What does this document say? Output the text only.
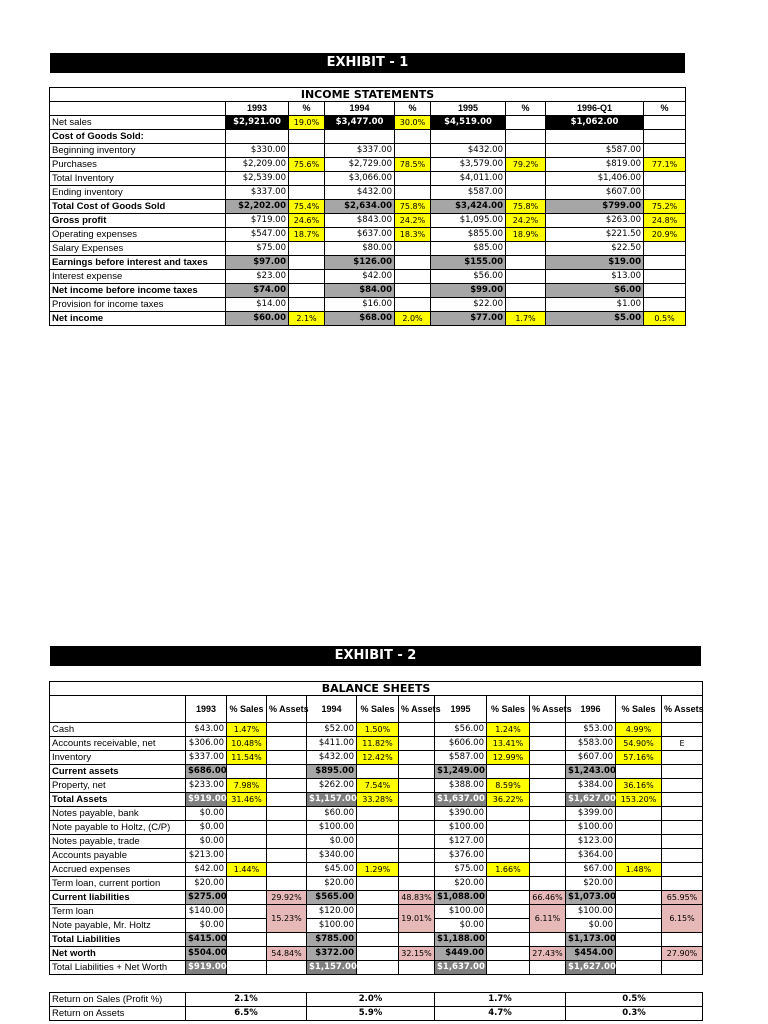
EXHIBIT - 1
INCOME STATEMENTS								
	1993	%	1994	%	1995	%	1996-Q1	%
Net sales	$2,921.00	19.0%	$3,477.00	30.0%	$4,519.00		$1,062.00	
Cost of Goods Sold:								
Beginning inventory	$330.00		$337.00		$432.00		$587.00	
Purchases	$2,209.00	75.6%	$2,729.00	78.5%	$3,579.00	79.2%	$819.00	77.1%
Total Inventory	$2,539.00		$3,066.00		$4,011.00		$1,406.00	
Ending inventory	$337.00		$432.00		$587.00		$607.00	
Total Cost of Goods Sold	$2,202.00	75.4%	$2,634.00	75.8%	$3,424.00	75.8%	$799.00	75.2%
Gross profit	$719.00	24.6%	$843.00	24.2%	$1,095.00	24.2%	$263.00	24.8%
Operating expenses	$547.00	18.7%	$637.00	18.3%	$855.00	18.9%	$221.50	20.9%
Salary Expenses	$75.00		$80.00		$85.00		$22.50	
Earnings before interest and taxes	$97.00		$126.00		$155.00		$19.00	
Interest expense	$23.00		$42.00		$56.00		$13.00	
Net income before income taxes	$74.00		$84.00		$99.00		$6.00	
Provision for income taxes	$14.00		$16.00		$22.00		$1.00	
Net income	$60.00	2.1%	$68.00	2.0%	$77.00	1.7%	$5.00	0.5%
EXHIBIT - 2
BALANCE SHEETS												
	1993	% Sales	% Assets	1994	% Sales	% Assets	1995	% Sales	% Assets	1996	% Sales	% Assets
Cash	$43.00	1.47%		$52.00	1.50%		$56.00	1.24%		$53.00	4.99%	
Accounts receivable, net	$306.00	10.48%		$411.00	11.82%		$606.00	13.41%		$583.00	54.90%	E
Inventory	$337.00	11.54%		$432.00	12.42%		$587.00	12.99%		$607.00	57.16%	
Current assets	$686.00			$895.00			$1,249.00			$1,243.00		
Property, net	$233.00	7.98%		$262.00	7.54%		$388.00	8.59%		$384.00	36.16%	
Total Assets	$919.00	31.46%		$1,157.00	33.28%		$1,637.00	36.22%		$1,627.00	153.20%	
Notes payable, bank	$0.00			$60.00			$390.00			$399.00		
Note payable to Holtz, (C/P)	$0.00			$100.00			$100.00			$100.00		
Notes payable, trade	$0.00			$0.00			$127.00			$123.00		
Accounts payable	$213.00			$340.00			$376.00			$364.00		
Accrued expenses	$42.00	1.44%		$45.00	1.29%		$75.00	1.66%		$67.00	1.48%	
Term loan, current portion	$20.00			$20.00			$20.00			$20.00		
Current liabilities	$275.00		29.92%	$565.00		48.83%	$1,088.00		66.46%	$1,073.00		65.95%
Term loan	$140.00		15.23%	$120.00		19.01%	$100.00		6.11%	$100.00		6.15%
Note payable, Mr. Holtz	$0.00			$100.00			$0.00			$0.00		
Total Liabilities	$415.00			$785.00			$1,188.00			$1,173.00		
Net worth	$504.00		54.84%	$372.00		32.15%	$449.00		27.43%	$454.00		27.90%
Total Liabilities + Net Worth	$919.00			$1,157.00			$1,637.00			$1,627.00		
Return on Sales (Profit %)	2.1%	2.0%	1.7%	0.5%
Return on Assets	6.5%	5.9%	4.7%	0.3%
